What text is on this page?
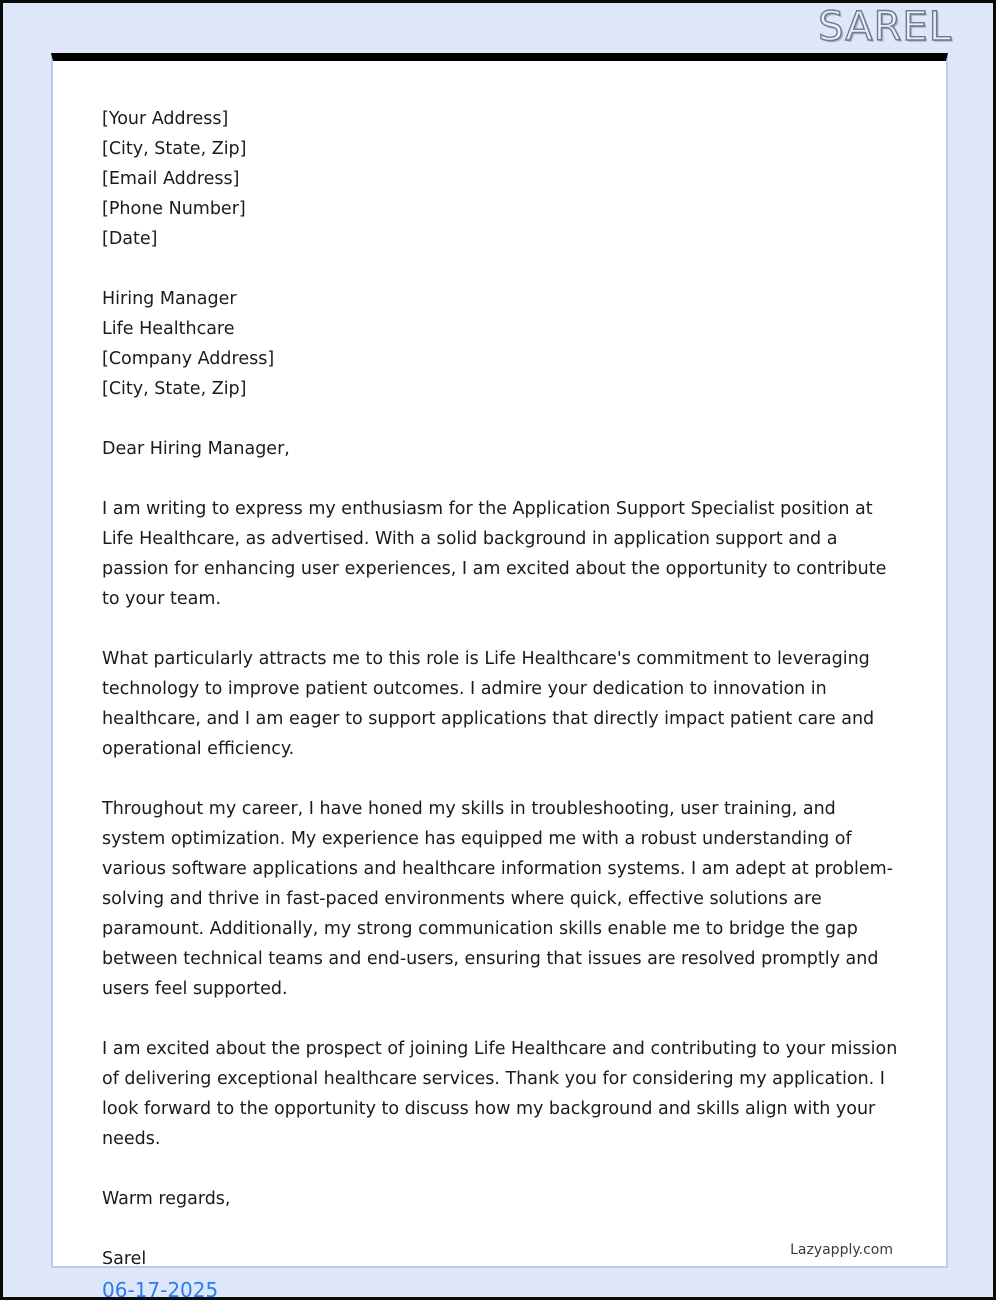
SAREL
[Your Address]
[City, State, Zip]
[Email Address]
[Phone Number]
[Date]
Hiring Manager
Life Healthcare
[Company Address]
[City, State, Zip]
Dear Hiring Manager,
I am writing to express my enthusiasm for the Application Support Specialist position at Life Healthcare, as advertised. With a solid background in application support and a passion for enhancing user experiences, I am excited about the opportunity to contribute to your team.
What particularly attracts me to this role is Life Healthcare's commitment to leveraging technology to improve patient outcomes. I admire your dedication to innovation in healthcare, and I am eager to support applications that directly impact patient care and operational efficiency.
Throughout my career, I have honed my skills in troubleshooting, user training, and system optimization. My experience has equipped me with a robust understanding of various software applications and healthcare information systems. I am adept at problem-solving and thrive in fast-paced environments where quick, effective solutions are paramount. Additionally, my strong communication skills enable me to bridge the gap between technical teams and end-users, ensuring that issues are resolved promptly and users feel supported.
I am excited about the prospect of joining Life Healthcare and contributing to your mission of delivering exceptional healthcare services. Thank you for considering my application. I look forward to the opportunity to discuss how my background and skills align with your needs.
Warm regards,
Sarel	Lazyapply.com
06-17-2025
